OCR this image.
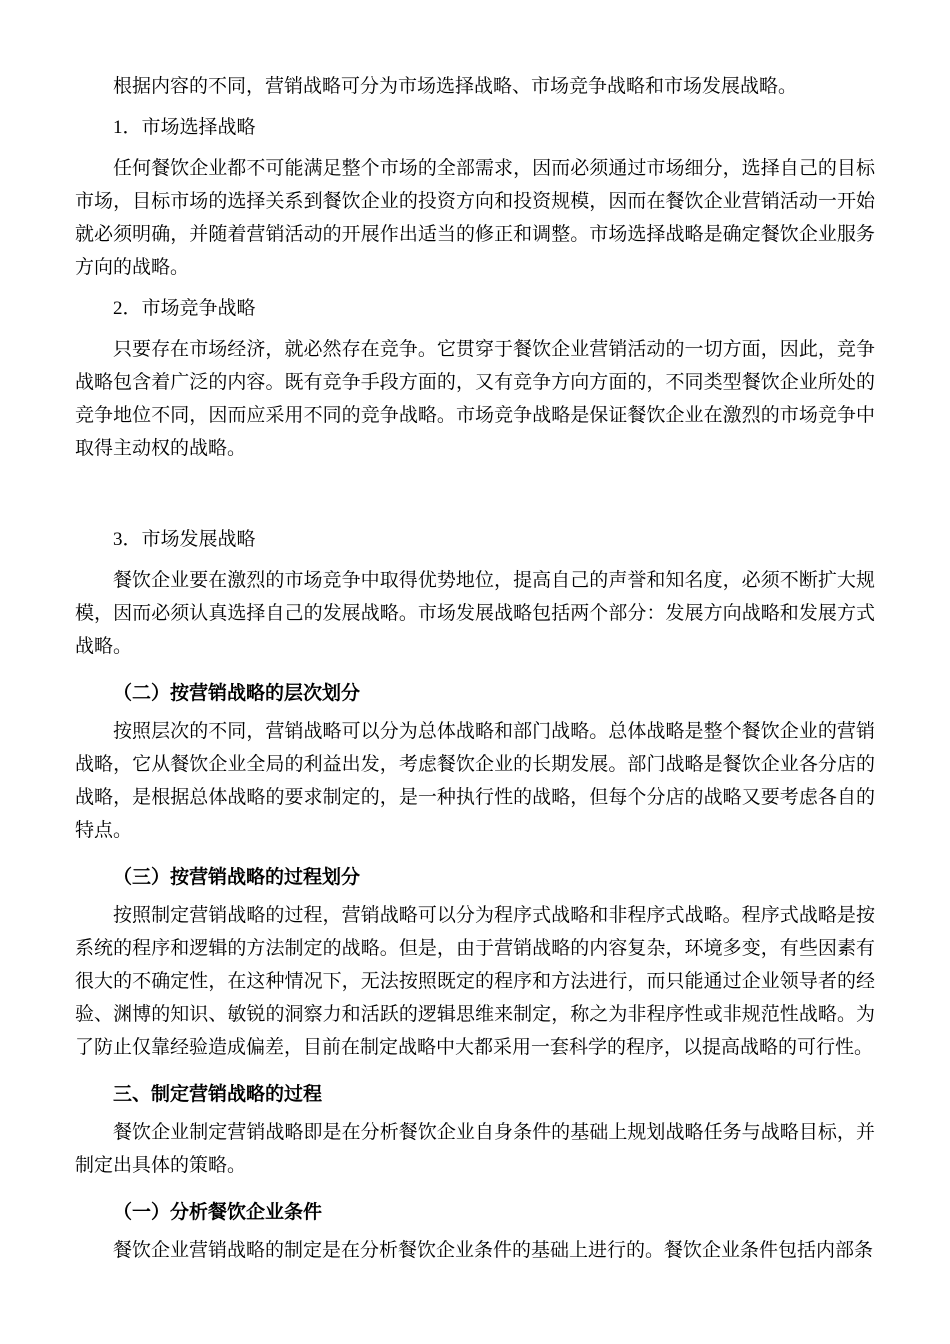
根据内容的不同，营销战略可分为市场选择战略、市场竞争战略和市场发展战略。

1．市场选择战略

任何餐饮企业都不可能满足整个市场的全部需求，因而必须通过市场细分，选择自己的目标市场，目标市场的选择关系到餐饮企业的投资方向和投资规模，因而在餐饮企业营销活动一开始就必须明确，并随着营销活动的开展作出适当的修正和调整。市场选择战略是确定餐饮企业服务方向的战略。

2．市场竞争战略

只要存在市场经济，就必然存在竞争。它贯穿于餐饮企业营销活动的一切方面，因此，竞争战略包含着广泛的内容。既有竞争手段方面的，又有竞争方向方面的，不同类型餐饮企业所处的竞争地位不同，因而应采用不同的竞争战略。市场竞争战略是保证餐饮企业在激烈的市场竞争中取得主动权的战略。

3．市场发展战略

餐饮企业要在激烈的市场竞争中取得优势地位，提高自己的声誉和知名度，必须不断扩大规模，因而必须认真选择自己的发展战略。市场发展战略包括两个部分：发展方向战略和发展方式战略。

（二）按营销战略的层次划分

按照层次的不同，营销战略可以分为总体战略和部门战略。总体战略是整个餐饮企业的营销战略，它从餐饮企业全局的利益出发，考虑餐饮企业的长期发展。部门战略是餐饮企业各分店的战略，是根据总体战略的要求制定的，是一种执行性的战略，但每个分店的战略又要考虑各自的特点。

（三）按营销战略的过程划分

按照制定营销战略的过程，营销战略可以分为程序式战略和非程序式战略。程序式战略是按系统的程序和逻辑的方法制定的战略。但是，由于营销战略的内容复杂，环境多变，有些因素有很大的不确定性，在这种情况下，无法按照既定的程序和方法进行，而只能通过企业领导者的经验、渊博的知识、敏锐的洞察力和活跃的逻辑思维来制定，称之为非程序性或非规范性战略。为了防止仅靠经验造成偏差，目前在制定战略中大都采用一套科学的程序，以提高战略的可行性。

三、制定营销战略的过程

餐饮企业制定营销战略即是在分析餐饮企业自身条件的基础上规划战略任务与战略目标，并制定出具体的策略。

（一）分析餐饮企业条件

餐饮企业营销战略的制定是在分析餐饮企业条件的基础上进行的。餐饮企业条件包括内部条
